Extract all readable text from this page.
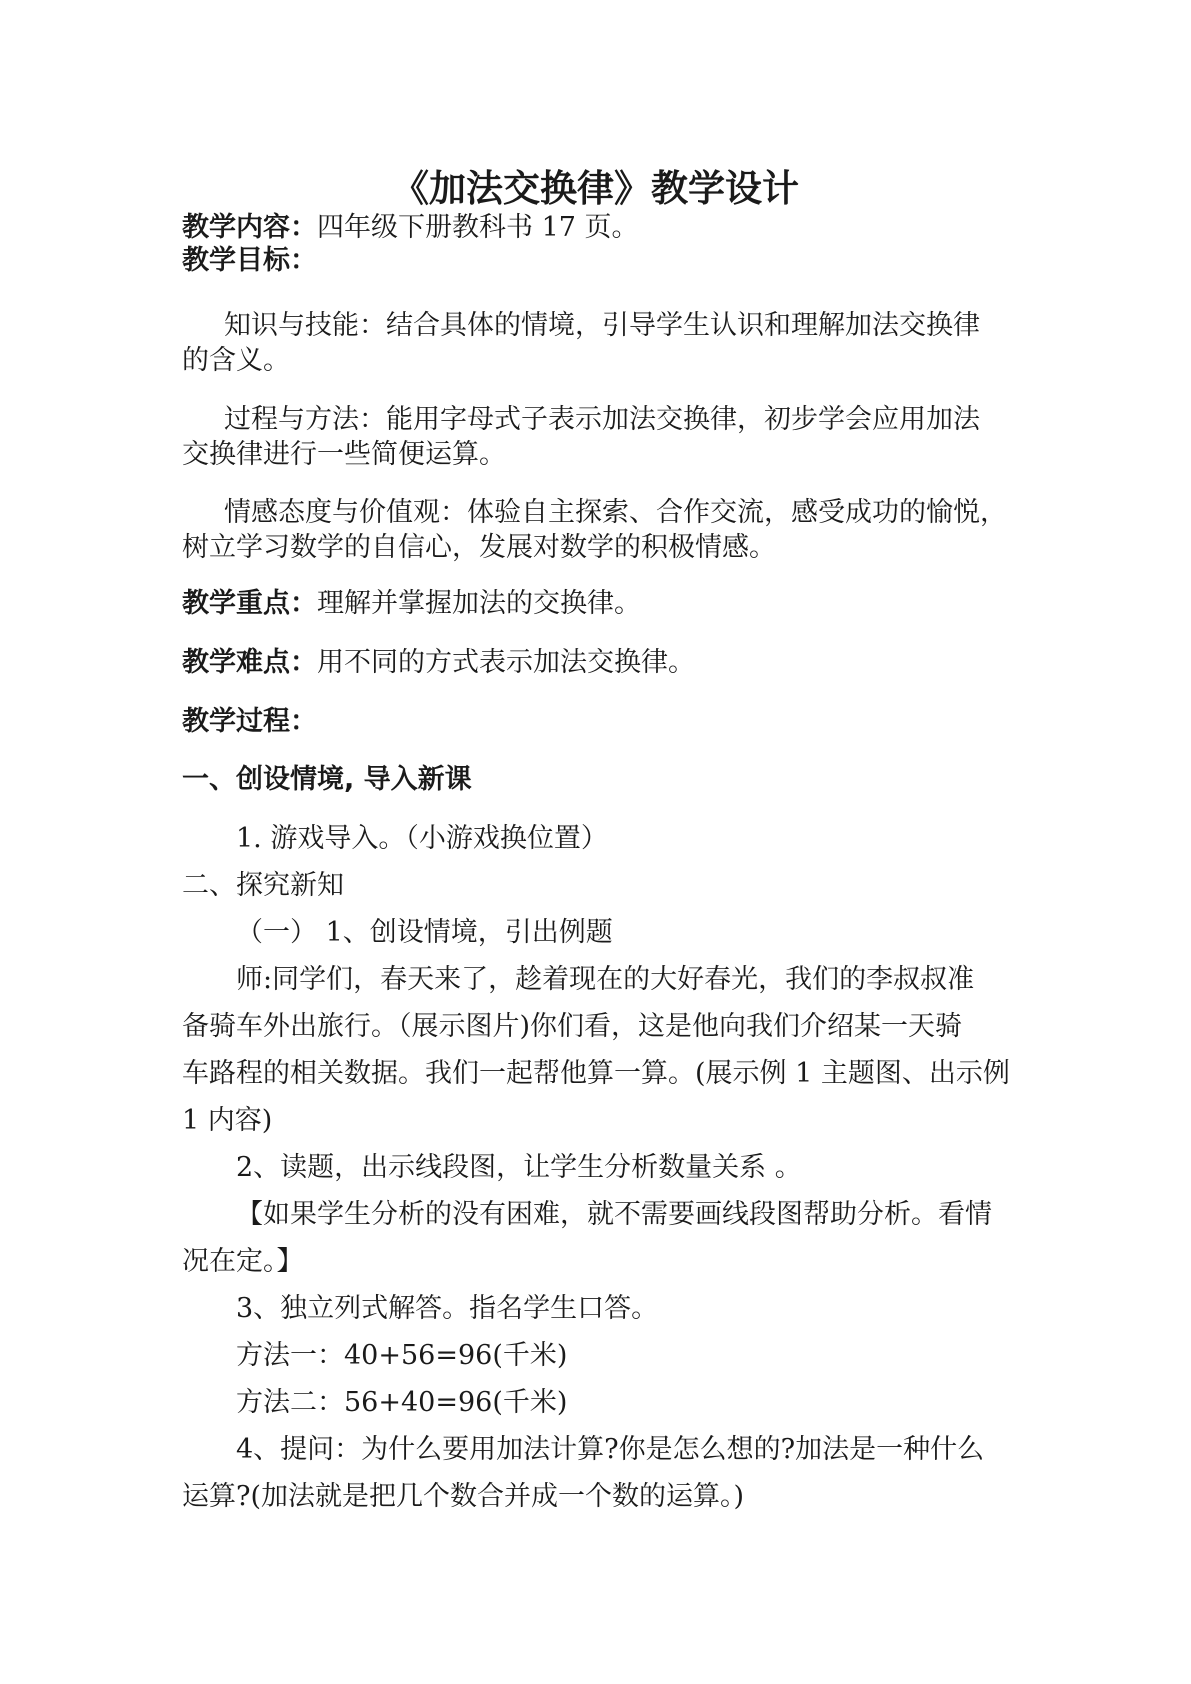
《加法交换律》教学设计
教学内容：四年级下册教科书 17 页。
教学目标：
知识与技能：结合具体的情境，引导学生认识和理解加法交换律
的含义。
过程与方法：能用字母式子表示加法交换律，初步学会应用加法
交换律进行一些简便运算。
情感态度与价值观：体验自主探索、合作交流，感受成功的愉悦，
树立学习数学的自信心，发展对数学的积极情感。
教学重点：理解并掌握加法的交换律。
教学难点：用不同的方式表示加法交换律。
教学过程：
一、创设情境, 导入新课
1. 游戏导入。（小游戏换位置）
二、探究新知
（一） 1、创设情境，引出例题
师:同学们，春天来了，趁着现在的大好春光，我们的李叔叔准
备骑车外出旅行。（展示图片)你们看，这是他向我们介绍某一天骑
车路程的相关数据。我们一起帮他算一算。(展示例 1 主题图、出示例
1 内容)
2、读题，出示线段图，让学生分析数量关系 。
【如果学生分析的没有困难，就不需要画线段图帮助分析。看情
况在定。】
3、独立列式解答。指名学生口答。
方法一：40+56=96(千米)
方法二：56+40=96(千米)
4、提问：为什么要用加法计算?你是怎么想的?加法是一种什么
运算?(加法就是把几个数合并成一个数的运算。)
